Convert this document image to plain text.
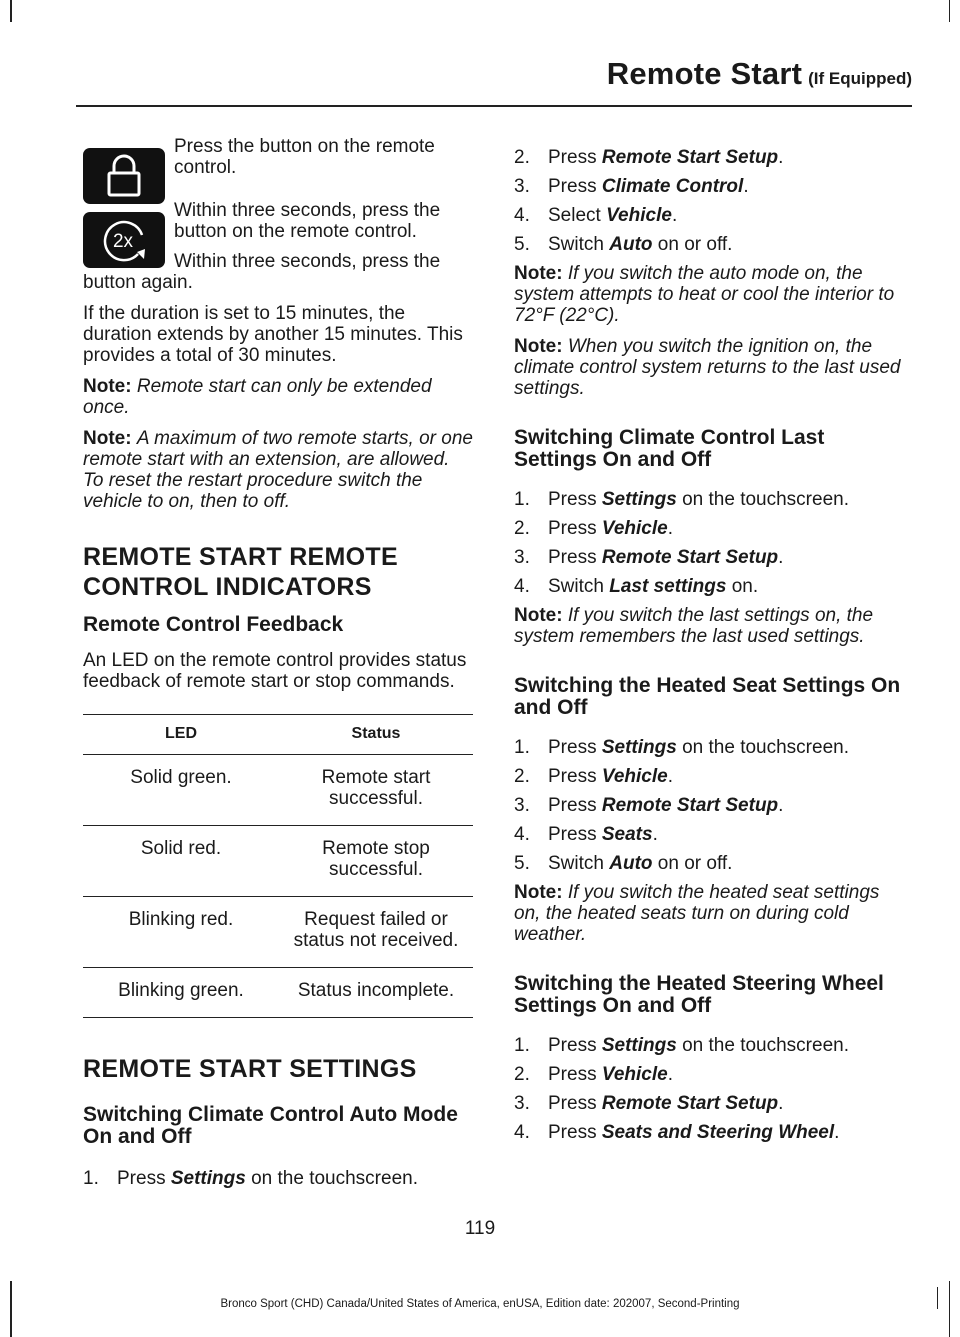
Remote Start (If Equipped)
2x

Press the button on the remote control.

Within three seconds, press the button on the remote control.

Within three seconds, press the
button again.

If the duration is set to 15 minutes, the duration extends by another 15 minutes. This provides a total of 30 minutes.

Note: Remote start can only be extended once.

Note: A maximum of two remote starts, or one remote start with an extension, are allowed. To reset the restart procedure switch the vehicle to on, then to off.

REMOTE START REMOTE
CONTROL INDICATORS
Remote Control Feedback

An LED on the remote control provides status feedback of remote start or stop commands.

LED	Status
Solid green.	Remote start successful.
Solid red.	Remote stop successful.
Blinking red.	Request failed or status not received.
Blinking green.	Status incomplete.
REMOTE START SETTINGS
Switching Climate Control Auto Mode On and Off
1. Press Settings on the touchscreen.
2. Press Remote Start Setup.
3. Press Climate Control.
4. Select Vehicle.
5. Switch Auto on or off.

Note: If you switch the auto mode on, the system attempts to heat or cool the interior to 72°F (22°C).

Note: When you switch the ignition on, the climate control system returns to the last used settings.

Switching Climate Control Last Settings On and Off
1. Press Settings on the touchscreen.
2. Press Vehicle.
3. Press Remote Start Setup.
4. Switch Last settings on.

Note: If you switch the last settings on, the system remembers the last used settings.

Switching the Heated Seat Settings On and Off
1. Press Settings on the touchscreen.
2. Press Vehicle.
3. Press Remote Start Setup.
4. Press Seats.
5. Switch Auto on or off.

Note: If you switch the heated seat settings on, the heated seats turn on during cold weather.

Switching the Heated Steering Wheel Settings On and Off
1. Press Settings on the touchscreen.
2. Press Vehicle.
3. Press Remote Start Setup.
4. Press Seats and Steering Wheel.
119
Bronco Sport (CHD) Canada/United States of America, enUSA, Edition date: 202007, Second-Printing
